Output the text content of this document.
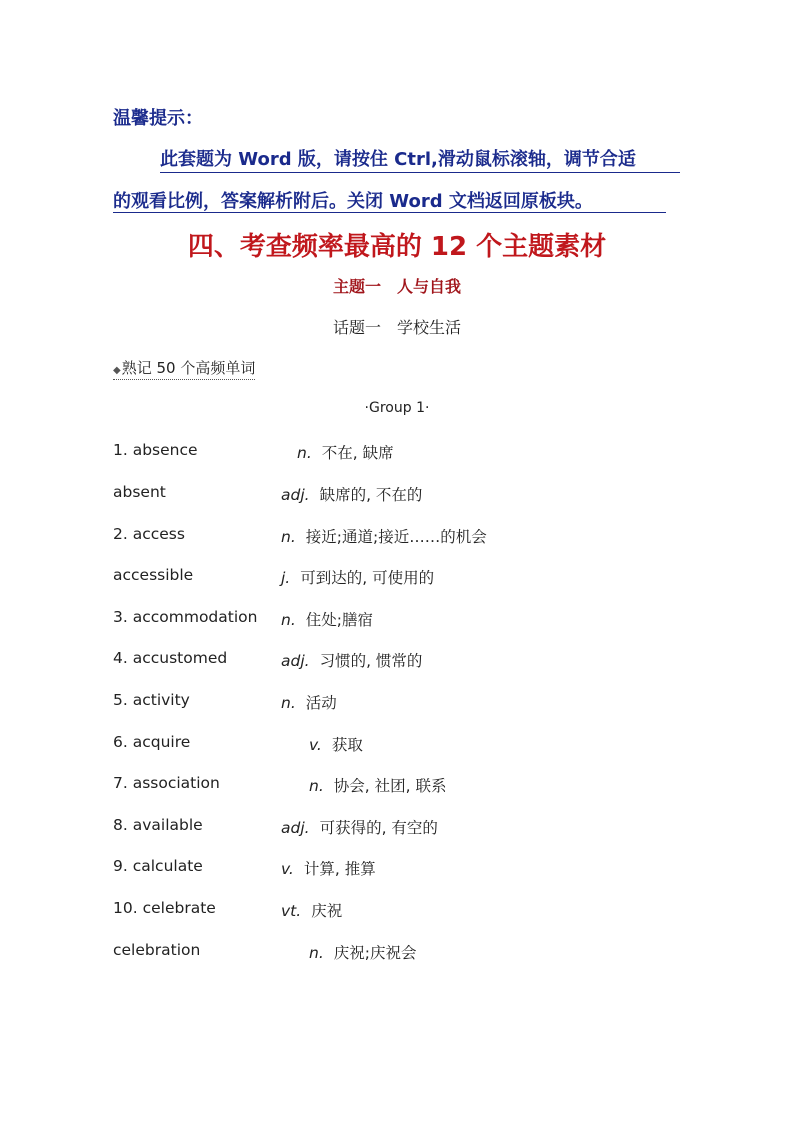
温馨提示：
此套题为 Word 版，请按住 Ctrl,滑动鼠标滚轴，调节合适
的观看比例，答案解析附后。关闭 Word 文档返回原板块。
四、考查频率最高的 12 个主题素材
主题一　人与自我
话题一　学校生活
◆熟记 50 个高频单词
·Group 1·
1. absence	n. 不在, 缺席
absent	adj. 缺席的, 不在的
2. access	n. 接近;通道;接近……的机会
accessible	j. 可到达的, 可使用的
3. accommodation n. 住处;膳宿
4. accustomed	adj. 习惯的, 惯常的
5. activity	n. 活动
6. acquire	v. 获取
7. association	n. 协会, 社团, 联系
8. available	adj. 可获得的, 有空的
9. calculate	v. 计算, 推算
10. celebrate	vt. 庆祝
celebration	n. 庆祝;庆祝会
